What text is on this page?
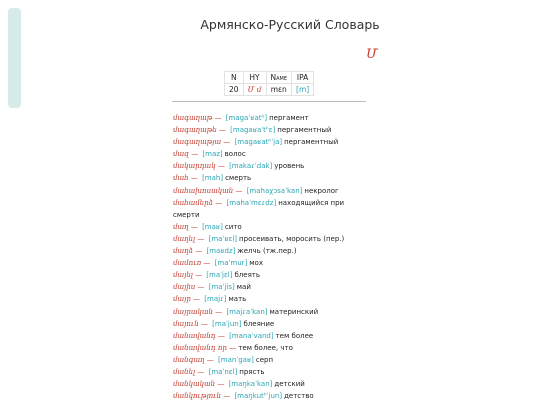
Армянско-Русский Словарь
Մ
N	HY	Name	IPA
20	Մ մ	mɛn	[m]
մագաղաթ — [magaˈʁatʰ] пергамент
մագաղաթե — [magaʁaˈtʰɛ] пергаментный
մագաղաթյա — [magaʁatʰˈja] пергаментный
մազ — [maz] волос
մակարդակ — [makaɾˈdak] уровень
մահ — [mah] смерть
մահախոսական — [mahaχɔsaˈkan] некролог
մահամերձ — [mahaˈmɛɾdz] находящийся при смерти
մաղ — [maʁ] сито
մաղել — [maˈʁɛl] просеивать, моросить (пер.)
մաղձ — [maʁdz] желчь (тж.пер.)
մամուռ — [maˈmur] мох
մայել — [maˈjɛl] блеять
մայիս — [maˈjis] май
մայր — [majɾ] мать
մայրական — [majɾaˈkan] материнский
մայուն — [maˈjun] блеяние
մանավանդ — [manaˈvand] тем более
մանավանդ որ — тем более, что
մանգաղ — [manˈgaʁ] серп
մանել — [maˈnɛl] прясть
մանկական — [maŋkaˈkan] детский
մանկություն — [maŋkutʰˈjun] детство
